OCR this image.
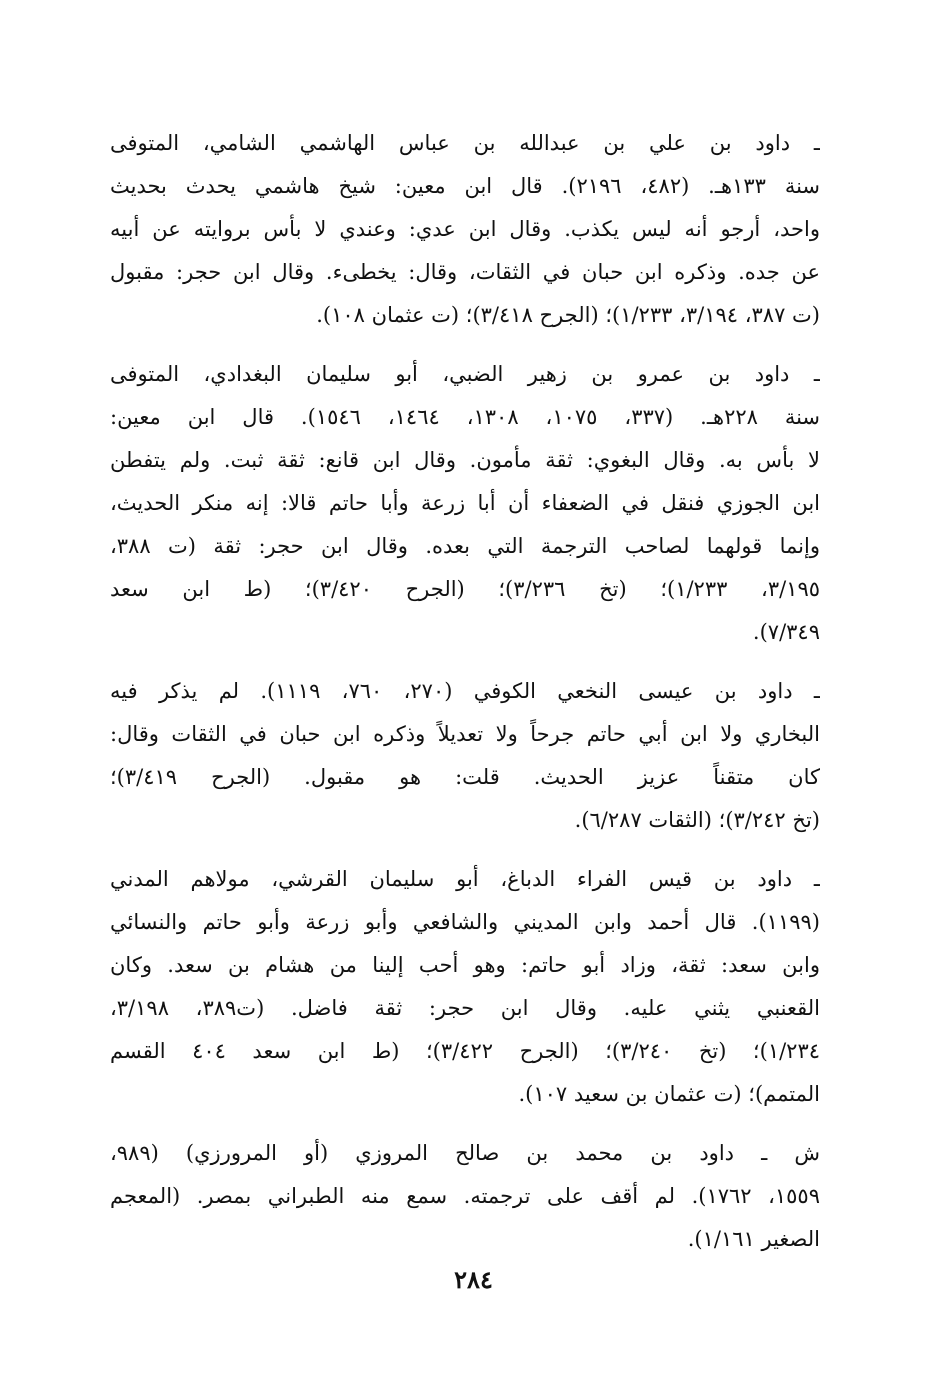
ـ داود بن علي بن عبدالله بن عباس الهاشمي الشامي، المتوفى
سنة ١٣٣هـ. (٤٨٢، ٢١٩٦). قال ابن معين: شيخ هاشمي يحدث بحديث
واحد، أرجو أنه ليس يكذب. وقال ابن عدي: وعندي لا بأس بروايته عن أبيه
عن جده. وذكره ابن حبان في الثقات، وقال: يخطىء. وقال ابن حجر: مقبول
(ت ٣٨٧، ٣/١٩٤، ١/٢٣٣)؛ (الجرح ٣/٤١٨)؛ (ت عثمان ١٠٨).
ـ داود بن عمرو بن زهير الضبي، أبو سليمان البغدادي، المتوفى
سنة ٢٢٨هـ. (٣٣٧، ١٠٧٥، ١٣٠٨، ١٤٦٤، ١٥٤٦). قال ابن معين:
لا بأس به. وقال البغوي: ثقة مأمون. وقال ابن قانع: ثقة ثبت. ولم يتفطن
ابن الجوزي فنقل في الضعفاء أن أبا زرعة وأبا حاتم قالا: إنه منكر الحديث،
وإنما قولهما لصاحب الترجمة التي بعده. وقال ابن حجر: ثقة (ت ٣٨٨،
٣/١٩٥، ١/٢٣٣)؛ (تخ ٣/٢٣٦)؛ (الجرح ٣/٤٢٠)؛ (ط ابن سعد
٧/٣٤٩).
ـ داود بن عيسى النخعي الكوفي (٢٧٠، ٧٦٠، ١١١٩). لم يذكر فيه
البخاري ولا ابن أبي حاتم جرحاً ولا تعديلاً وذكره ابن حبان في الثقات وقال:
كان متقناً عزيز الحديث. قلت: هو مقبول. (الجرح ٣/٤١٩)؛
(تخ ٣/٢٤٢)؛ (الثقات ٦/٢٨٧).
ـ داود بن قيس الفراء الدباغ، أبو سليمان القرشي، مولاهم المدني
(١١٩٩). قال أحمد وابن المديني والشافعي وأبو زرعة وأبو حاتم والنسائي
وابن سعد: ثقة، وزاد أبو حاتم: وهو أحب إلينا من هشام بن سعد. وكان
القعنبي يثني عليه. وقال ابن حجر: ثقة فاضل. (ت٣٨٩، ٣/١٩٨،
١/٢٣٤)؛ (تخ ٣/٢٤٠)؛ (الجرح ٣/٤٢٢)؛ (ط ابن سعد ٤٠٤ القسم
المتمم)؛ (ت عثمان بن سعيد ١٠٧).
ش ـ داود بن محمد بن صالح المروزي (أو المرورزي) (٩٨٩،
١٥٥٩، ١٧٦٢). لم أقف على ترجمته. سمع منه الطبراني بمصر. (المعجم
الصغير ١/١٦١).
٢٨٤
